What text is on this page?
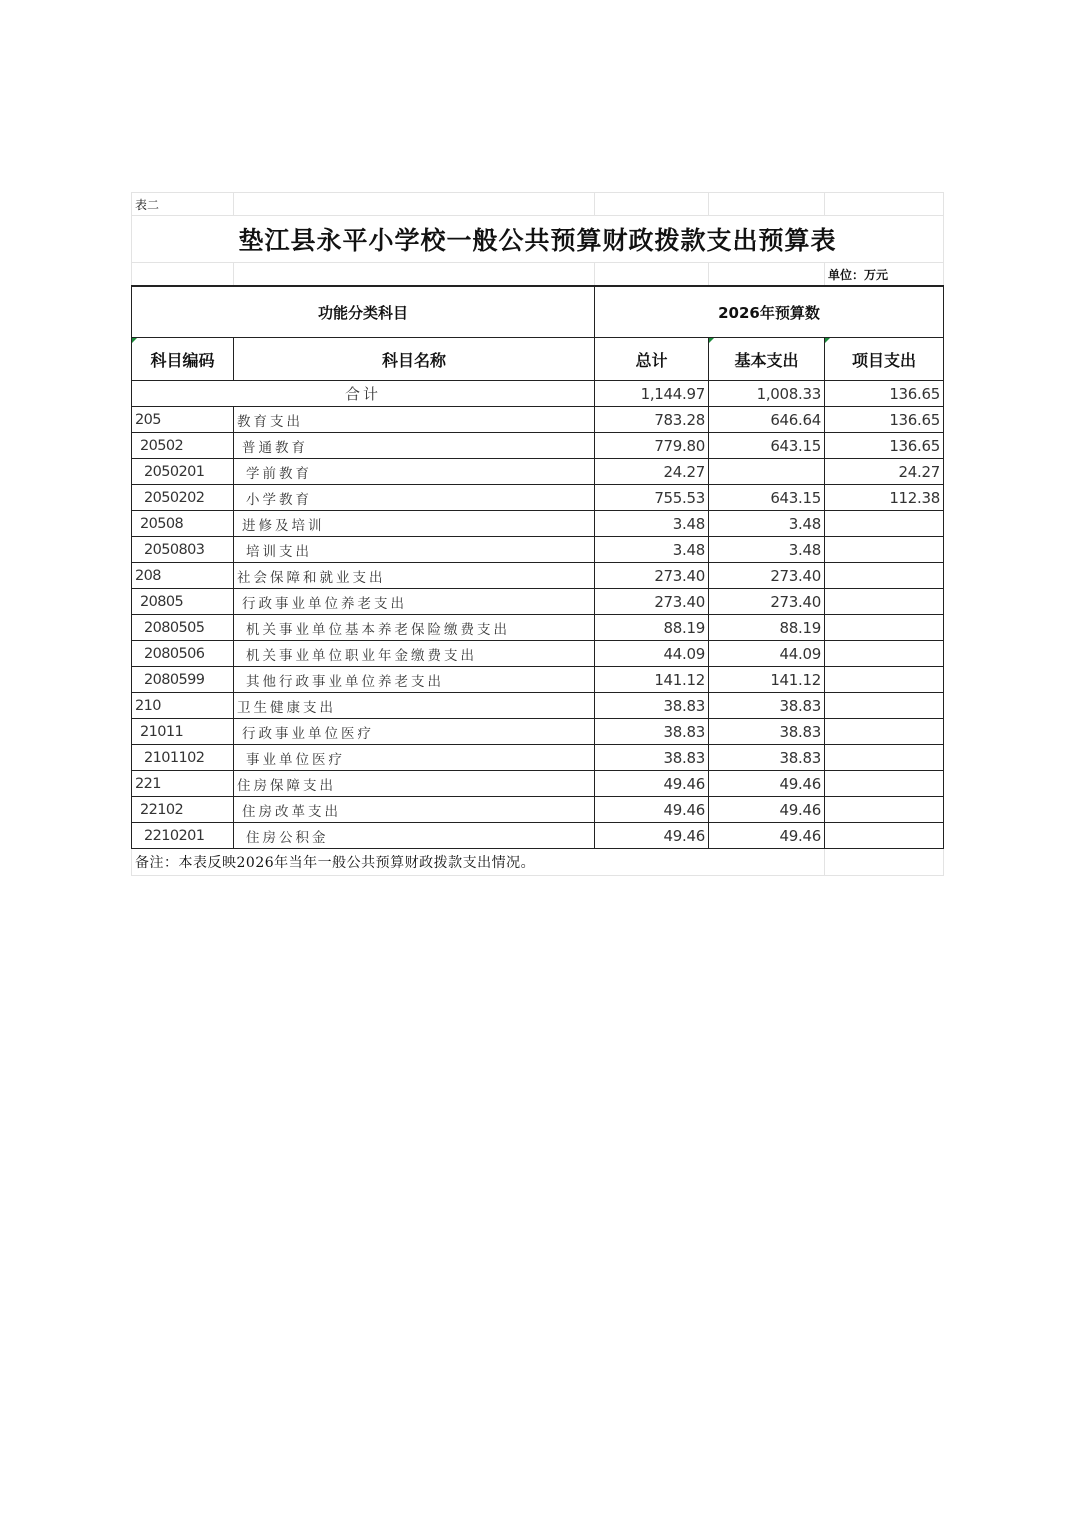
表二				
垫江县永平小学校一般公共预算财政拨款支出预算表				
				单位：万元
功能分类科目		2026年预算数		

科目编码	科目名称	总计	基本支出	项目支出
合计		1,144.97	1,008.33	136.65
205	教育支出	783.28	646.64	136.65
20502	普通教育	779.80	643.15	136.65
2050201	学前教育	24.27		24.27
2050202	小学教育	755.53	643.15	112.38
20508	进修及培训	3.48	3.48	
2050803	培训支出	3.48	3.48	
208	社会保障和就业支出	273.40	273.40	
20805	行政事业单位养老支出	273.40	273.40	
2080505	机关事业单位基本养老保险缴费支出	88.19	88.19	
2080506	机关事业单位职业年金缴费支出	44.09	44.09	
2080599	其他行政事业单位养老支出	141.12	141.12	
210	卫生健康支出	38.83	38.83	
21011	行政事业单位医疗	38.83	38.83	
2101102	事业单位医疗	38.83	38.83	
221	住房保障支出	49.46	49.46	
22102	住房改革支出	49.46	49.46	
2210201	住房公积金	49.46	49.46	
备注：本表反映2026年当年一般公共预算财政拨款支出情况。				
